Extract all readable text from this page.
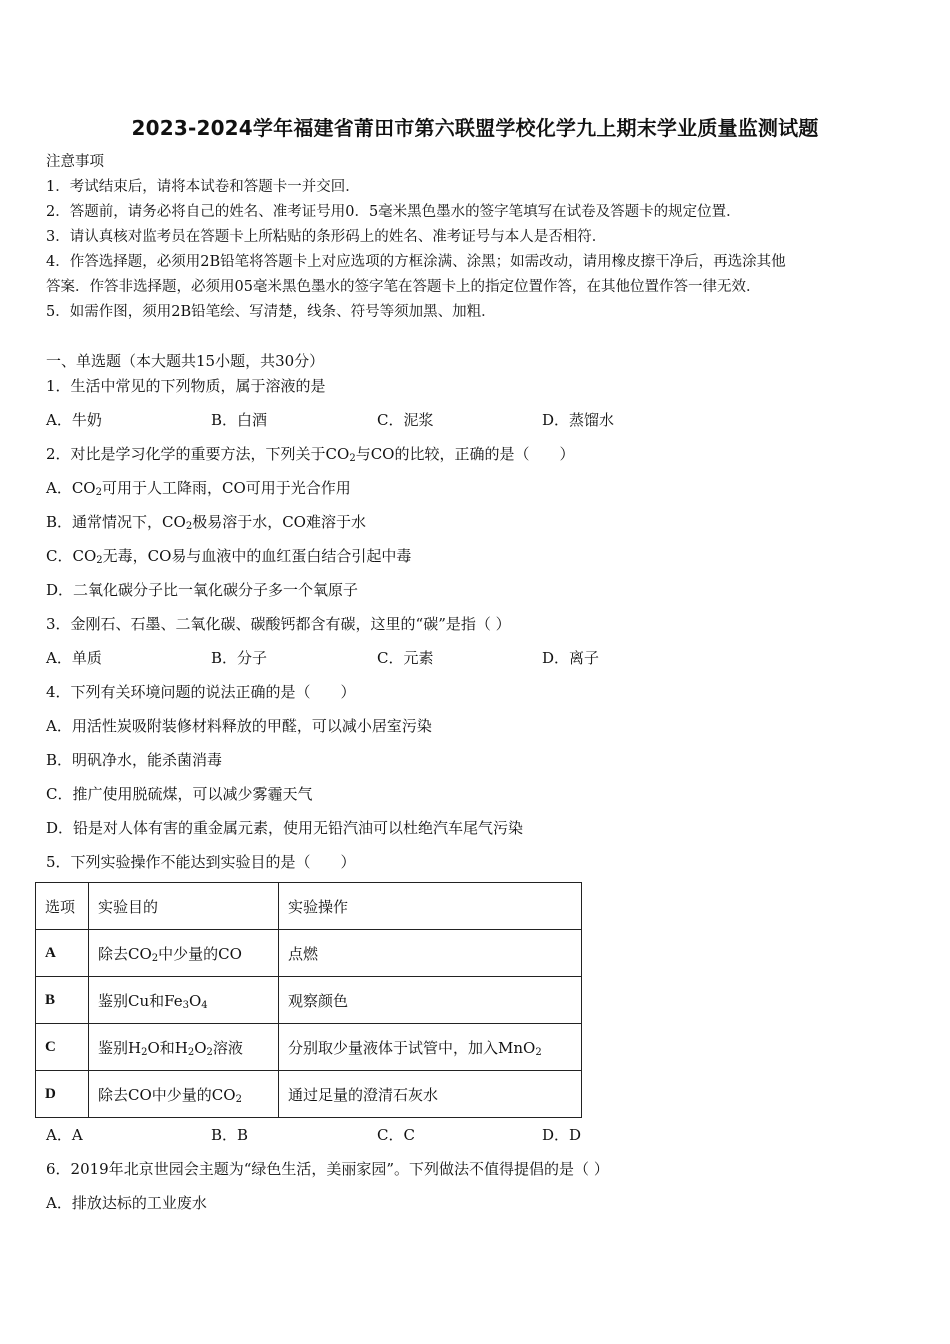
2023-2024学年福建省莆田市第六联盟学校化学九上期末学业质量监测试题
注意事项
1．考试结束后，请将本试卷和答题卡一并交回．
2．答题前，请务必将自己的姓名、准考证号用0．5毫米黑色墨水的签字笔填写在试卷及答题卡的规定位置．
3．请认真核对监考员在答题卡上所粘贴的条形码上的姓名、准考证号与本人是否相符．
4．作答选择题，必须用2B铅笔将答题卡上对应选项的方框涂满、涂黑；如需改动，请用橡皮擦干净后，再选涂其他
答案．作答非选择题，必须用05毫米黑色墨水的签字笔在答题卡上的指定位置作答，在其他位置作答一律无效．
5．如需作图，须用2B铅笔绘、写清楚，线条、符号等须加黑、加粗．
一、单选题（本大题共15小题，共30分）
1．生活中常见的下列物质，属于溶液的是
A．牛奶	B．白酒	C．泥浆	D．蒸馏水
2．对比是学习化学的重要方法，下列关于$CO_2$与CO的比较，正确的是（　　）
A．$CO_2$可用于人工降雨，CO可用于光合作用
B．通常情况下，$CO_2$极易溶于水，CO难溶于水
C．$CO_2$无毒，CO易与血液中的血红蛋白结合引起中毒
D．二氧化碳分子比一氧化碳分子多一个氧原子
3．金刚石、石墨、二氧化碳、碳酸钙都含有碳，这里的“碳”是指（ ）
A．单质	B．分子	C．元素	D．离子
4．下列有关环境问题的说法正确的是（　　）
A．用活性炭吸附装修材料释放的甲醛，可以减小居室污染
B．明矾净水，能杀菌消毒
C．推广使用脱硫煤，可以减少雾霾天气
D．铅是对人体有害的重金属元素，使用无铅汽油可以杜绝汽车尾气污染
5．下列实验操作不能达到实验目的是（　　）
选项	实验目的	实验操作
A	除去$CO_2$中少量的CO	点燃
B	鉴别Cu和$Fe_3O_4$	观察颜色
C	鉴别$H_2O$和$H_2O_2$溶液	分别取少量液体于试管中，加入MnO$_2$
D	除去CO中少量的$CO_2$	通过足量的澄清石灰水
A．A	B．B	C．C	D．D
6．2019年北京世园会主题为“绿色生活，美丽家园”。下列做法不值得提倡的是（ ）
A．排放达标的工业废水
